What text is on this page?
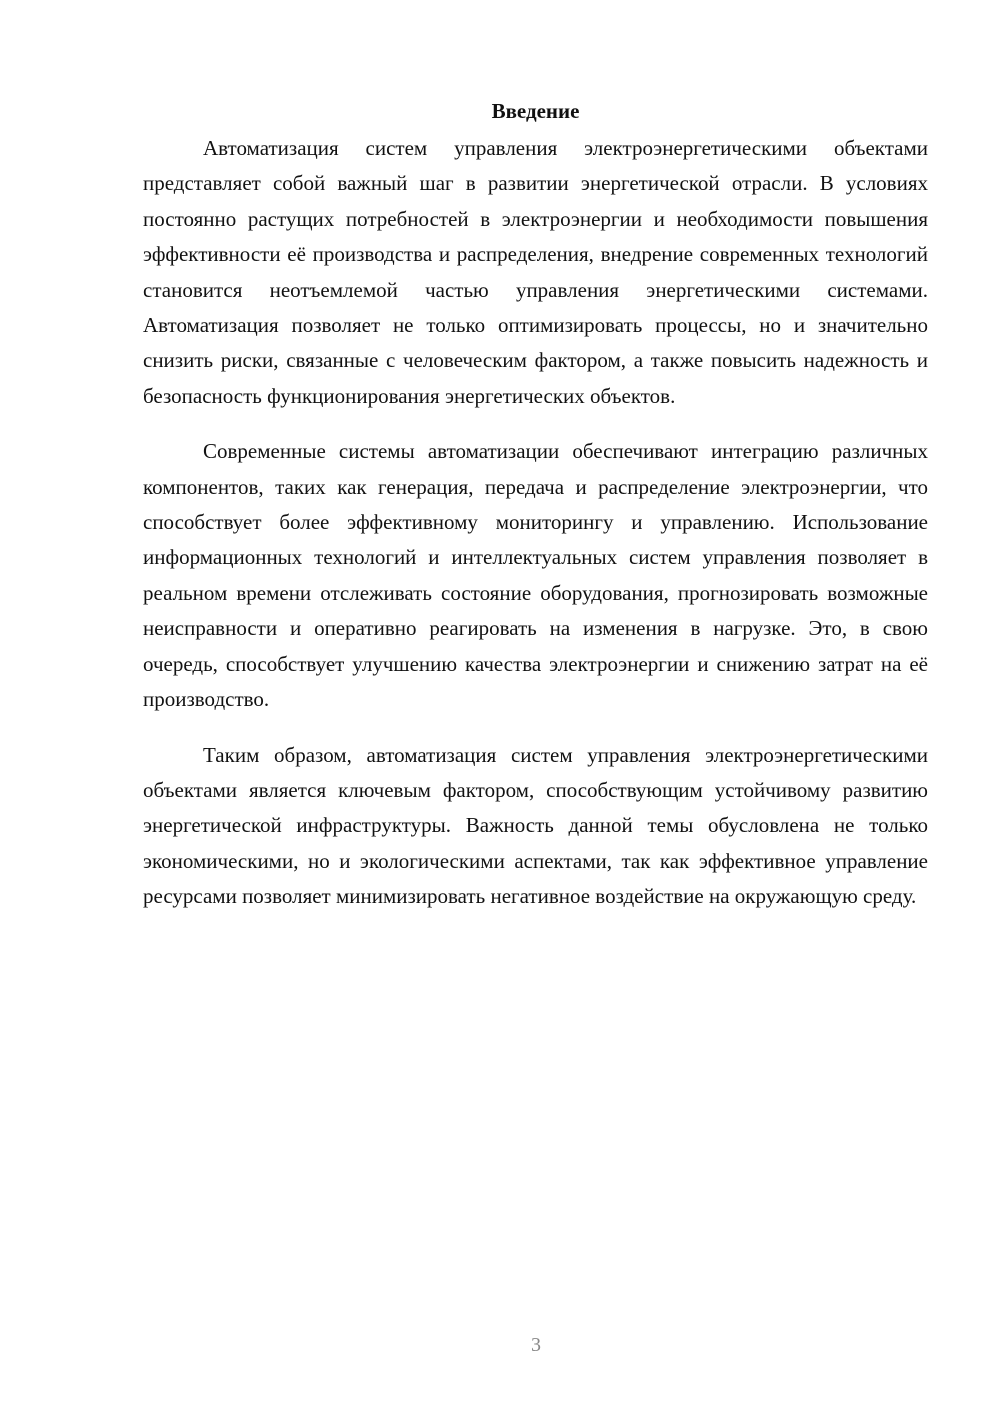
Введение

Автоматизация систем управления электроэнергетическими объектами представляет собой важный шаг в развитии энергетической отрасли. В условиях постоянно растущих потребностей в электроэнергии и необходимости повышения эффективности её производства и распределения, внедрение современных технологий становится неотъемлемой частью управления энергетическими системами. Автоматизация позволяет не только оптимизировать процессы, но и значительно снизить риски, связанные с человеческим фактором, а также повысить надежность и безопасность функционирования энергетических объектов.

Современные системы автоматизации обеспечивают интеграцию различных компонентов, таких как генерация, передача и распределение электроэнергии, что способствует более эффективному мониторингу и управлению. Использование информационных технологий и интеллектуальных систем управления позволяет в реальном времени отслеживать состояние оборудования, прогнозировать возможные неисправности и оперативно реагировать на изменения в нагрузке. Это, в свою очередь, способствует улучшению качества электроэнергии и снижению затрат на её производство.

Таким образом, автоматизация систем управления электроэнергетическими объектами является ключевым фактором, способствующим устойчивому развитию энергетической инфраструктуры. Важность данной темы обусловлена не только экономическими, но и экологическими аспектами, так как эффективное управление ресурсами позволяет минимизировать негативное воздействие на окружающую среду.

3
